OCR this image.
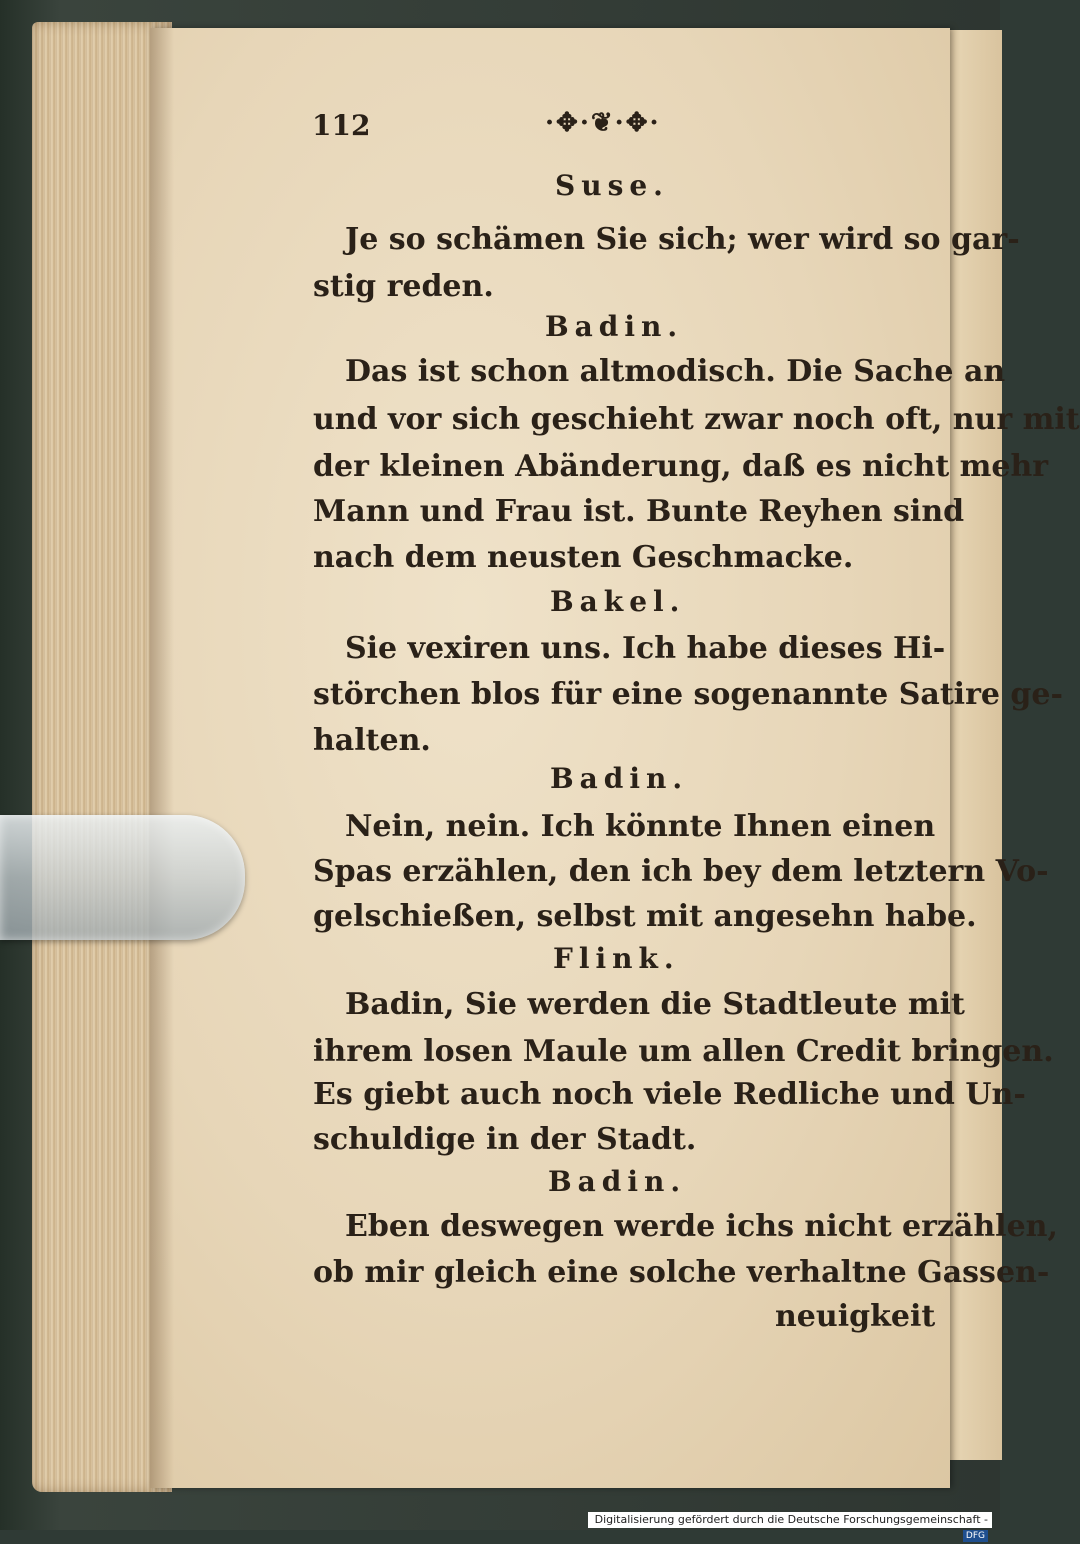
112	·✥·❦·✥·
Suse.
Je so schämen Sie sich; wer wird so gar-
stig reden.
Badin.
Das ist schon altmodisch. Die Sache an
und vor sich geschieht zwar noch oft, nur mit
der kleinen Abänderung, daß es nicht mehr
Mann und Frau ist. Bunte Reyhen sind
nach dem neusten Geschmacke.
Bakel.
Sie vexiren uns. Ich habe dieses Hi-
störchen blos für eine sogenannte Satire ge-
halten.
Badin.
Nein, nein. Ich könnte Ihnen einen
Spas erzählen, den ich bey dem letztern Vo-
gelschießen, selbst mit angesehn habe.
Flink.
Badin, Sie werden die Stadtleute mit
ihrem losen Maule um allen Credit bringen.
Es giebt auch noch viele Redliche und Un-
schuldige in der Stadt.
Badin.
Eben deswegen werde ichs nicht erzählen,
ob mir gleich eine solche verhaltne Gassen-
neuigkeit
Digitalisierung gefördert durch die Deutsche Forschungsgemeinschaft -DFG
